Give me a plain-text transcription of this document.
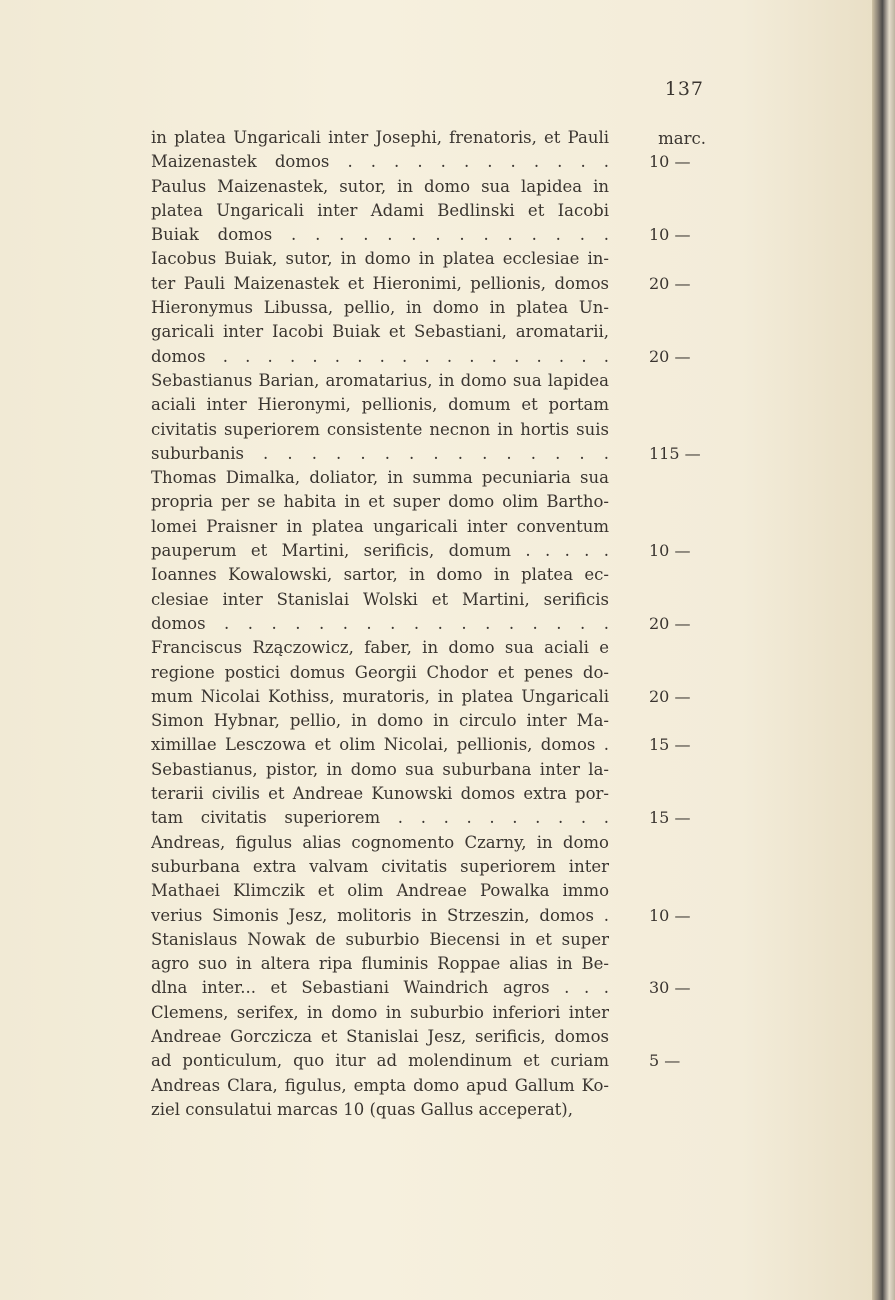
137
marc.
in platea Ungaricali inter Josephi, frenatoris, et Pauli
Maizenastek domos . . . . . . . . . . . .	10 —
Paulus Maizenastek, sutor, in domo sua lapidea in
platea Ungaricali inter Adami Bedlinski et Iacobi
Buiak domos . . . . . . . . . . . . . .	10 —
Iacobus Buiak, sutor, in domo in platea ecclesiae in-
ter Pauli Maizenastek et Hieronimi, pellionis, domos	20 —
Hieronymus Libussa, pellio, in domo in platea Un-
garicali inter Iacobi Buiak et Sebastiani, aromatarii,
domos . . . . . . . . . . . . . . . . . .	20 —
Sebastianus Barian, aromatarius, in domo sua lapidea
aciali inter Hieronymi, pellionis, domum et portam
civitatis superiorem consistente necnon in hortis suis
suburbanis . . . . . . . . . . . . . . .	115 —
Thomas Dimalka, doliator, in summa pecuniaria sua
propria per se habita in et super domo olim Bartho-
lomei Praisner in platea ungaricali inter conventum
pauperum et Martini, serificis, domum . . . . .	10 —
Ioannes Kowalowski, sartor, in domo in platea ec-
clesiae inter Stanislai Wolski et Martini, serificis
domos . . . . . . . . . . . . . . . . .	20 —
Franciscus Rzączowicz, faber, in domo sua aciali e
regione postici domus Georgii Chodor et penes do-
mum Nicolai Kothiss, muratoris, in platea Ungaricali	20 —
Simon Hybnar, pellio, in domo in circulo inter Ma-
ximillae Lesczowa et olim Nicolai, pellionis, domos .	15 —
Sebastianus, pistor, in domo sua suburbana inter la-
terarii civilis et Andreae Kunowski domos extra por-
tam civitatis superiorem . . . . . . . . . .	15 —
Andreas, figulus alias cognomento Czarny, in domo
suburbana extra valvam civitatis superiorem inter
Mathaei Klimczik et olim Andreae Powalka immo
verius Simonis Jesz, molitoris in Strzeszin, domos .	10 —
Stanislaus Nowak de suburbio Biecensi in et super
agro suo in altera ripa fluminis Roppae alias in Be-
dlna inter... et Sebastiani Waindrich agros . . .	30 —
Clemens, serifex, in domo in suburbio inferiori inter
Andreae Gorczicza et Stanislai Jesz, serificis, domos
ad ponticulum, quo itur ad molendinum et curiam	5 —
Andreas Clara, figulus, empta domo apud Gallum Ko-
ziel consulatui marcas 10 (quas Gallus acceperat),
